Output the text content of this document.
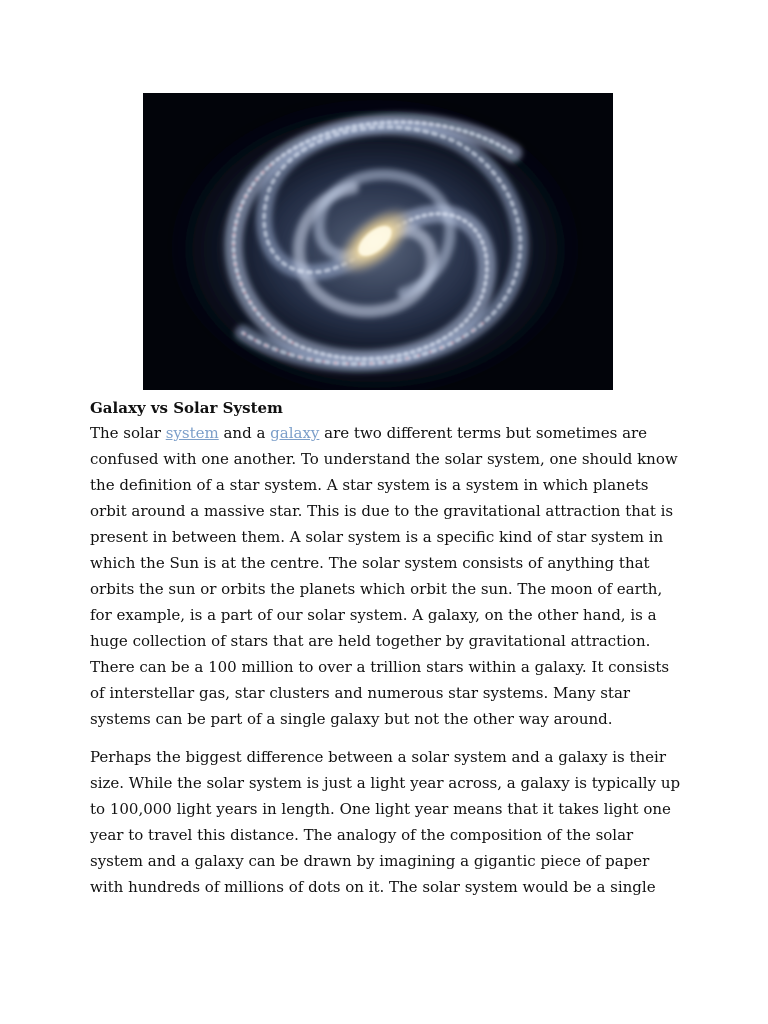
Galaxy vs Solar System

The solar system and a galaxy are two different terms but sometimes are confused with one another. To understand the solar system, one should know the definition of a star system. A star system is a system in which planets orbit around a massive star. This is due to the gravitational attraction that is present in between them. A solar system is a specific kind of star system in which the Sun is at the centre. The solar system consists of anything that orbits the sun or orbits the planets which orbit the sun. The moon of earth, for example, is a part of our solar system. A galaxy, on the other hand, is a huge collection of stars that are held together by gravitational attraction. There can be a 100 million to over a trillion stars within a galaxy. It consists of interstellar gas, star clusters and numerous star systems. Many star systems can be part of a single galaxy but not the other way around.

Perhaps the biggest difference between a solar system and a galaxy is their size. While the solar system is just a light year across, a galaxy is typically up to 100,000 light years in length. One light year means that it takes light one year to travel this distance. The analogy of the composition of the solar system and a galaxy can be drawn by imagining a gigantic piece of paper with hundreds of millions of dots on it. The solar system would be a single
